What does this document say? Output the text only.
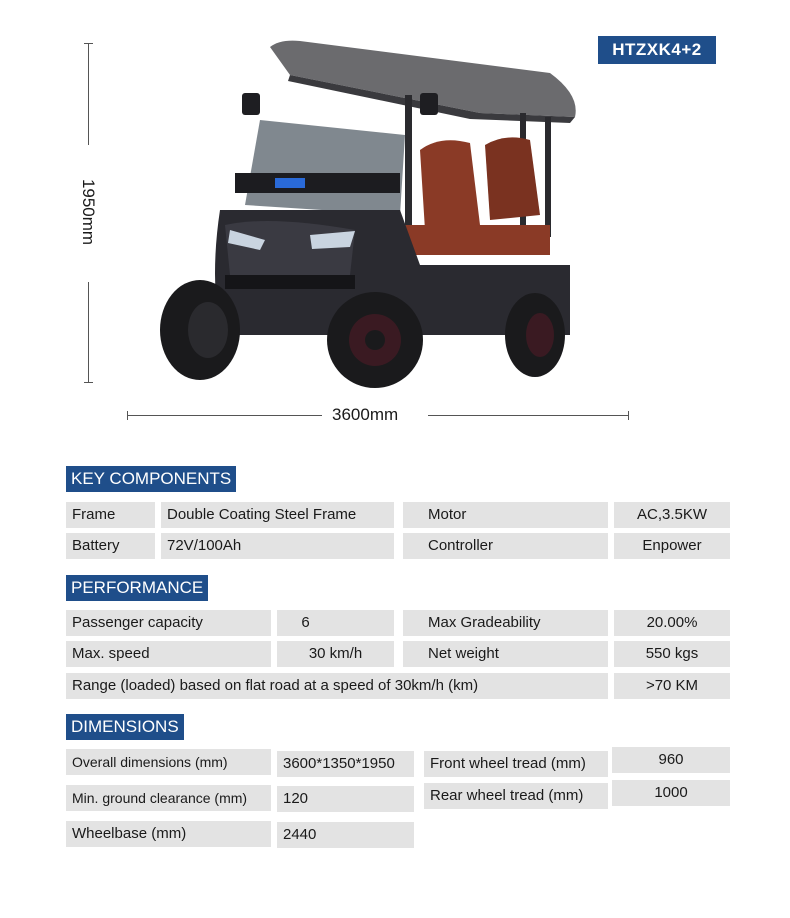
HTZXK4+2
1950mm
3600mm
KEY COMPONENTS
Frame	Double Coating Steel Frame	Motor	AC,3.5KW
Battery	72V/100Ah	Controller	Enpower
PERFORMANCE
Passenger capacity	6	Max Gradeability	20.00%
Max. speed	30 km/h	Net weight	550 kgs
Range (loaded) based on flat road at a speed of 30km/h (km)	>70 KM
DIMENSIONS
Overall dimensions (mm)	3600*1350*1950	Front wheel tread (mm)	960
Min. ground clearance (mm)	120	Rear wheel tread (mm)	1000
Wheelbase (mm)	2440
